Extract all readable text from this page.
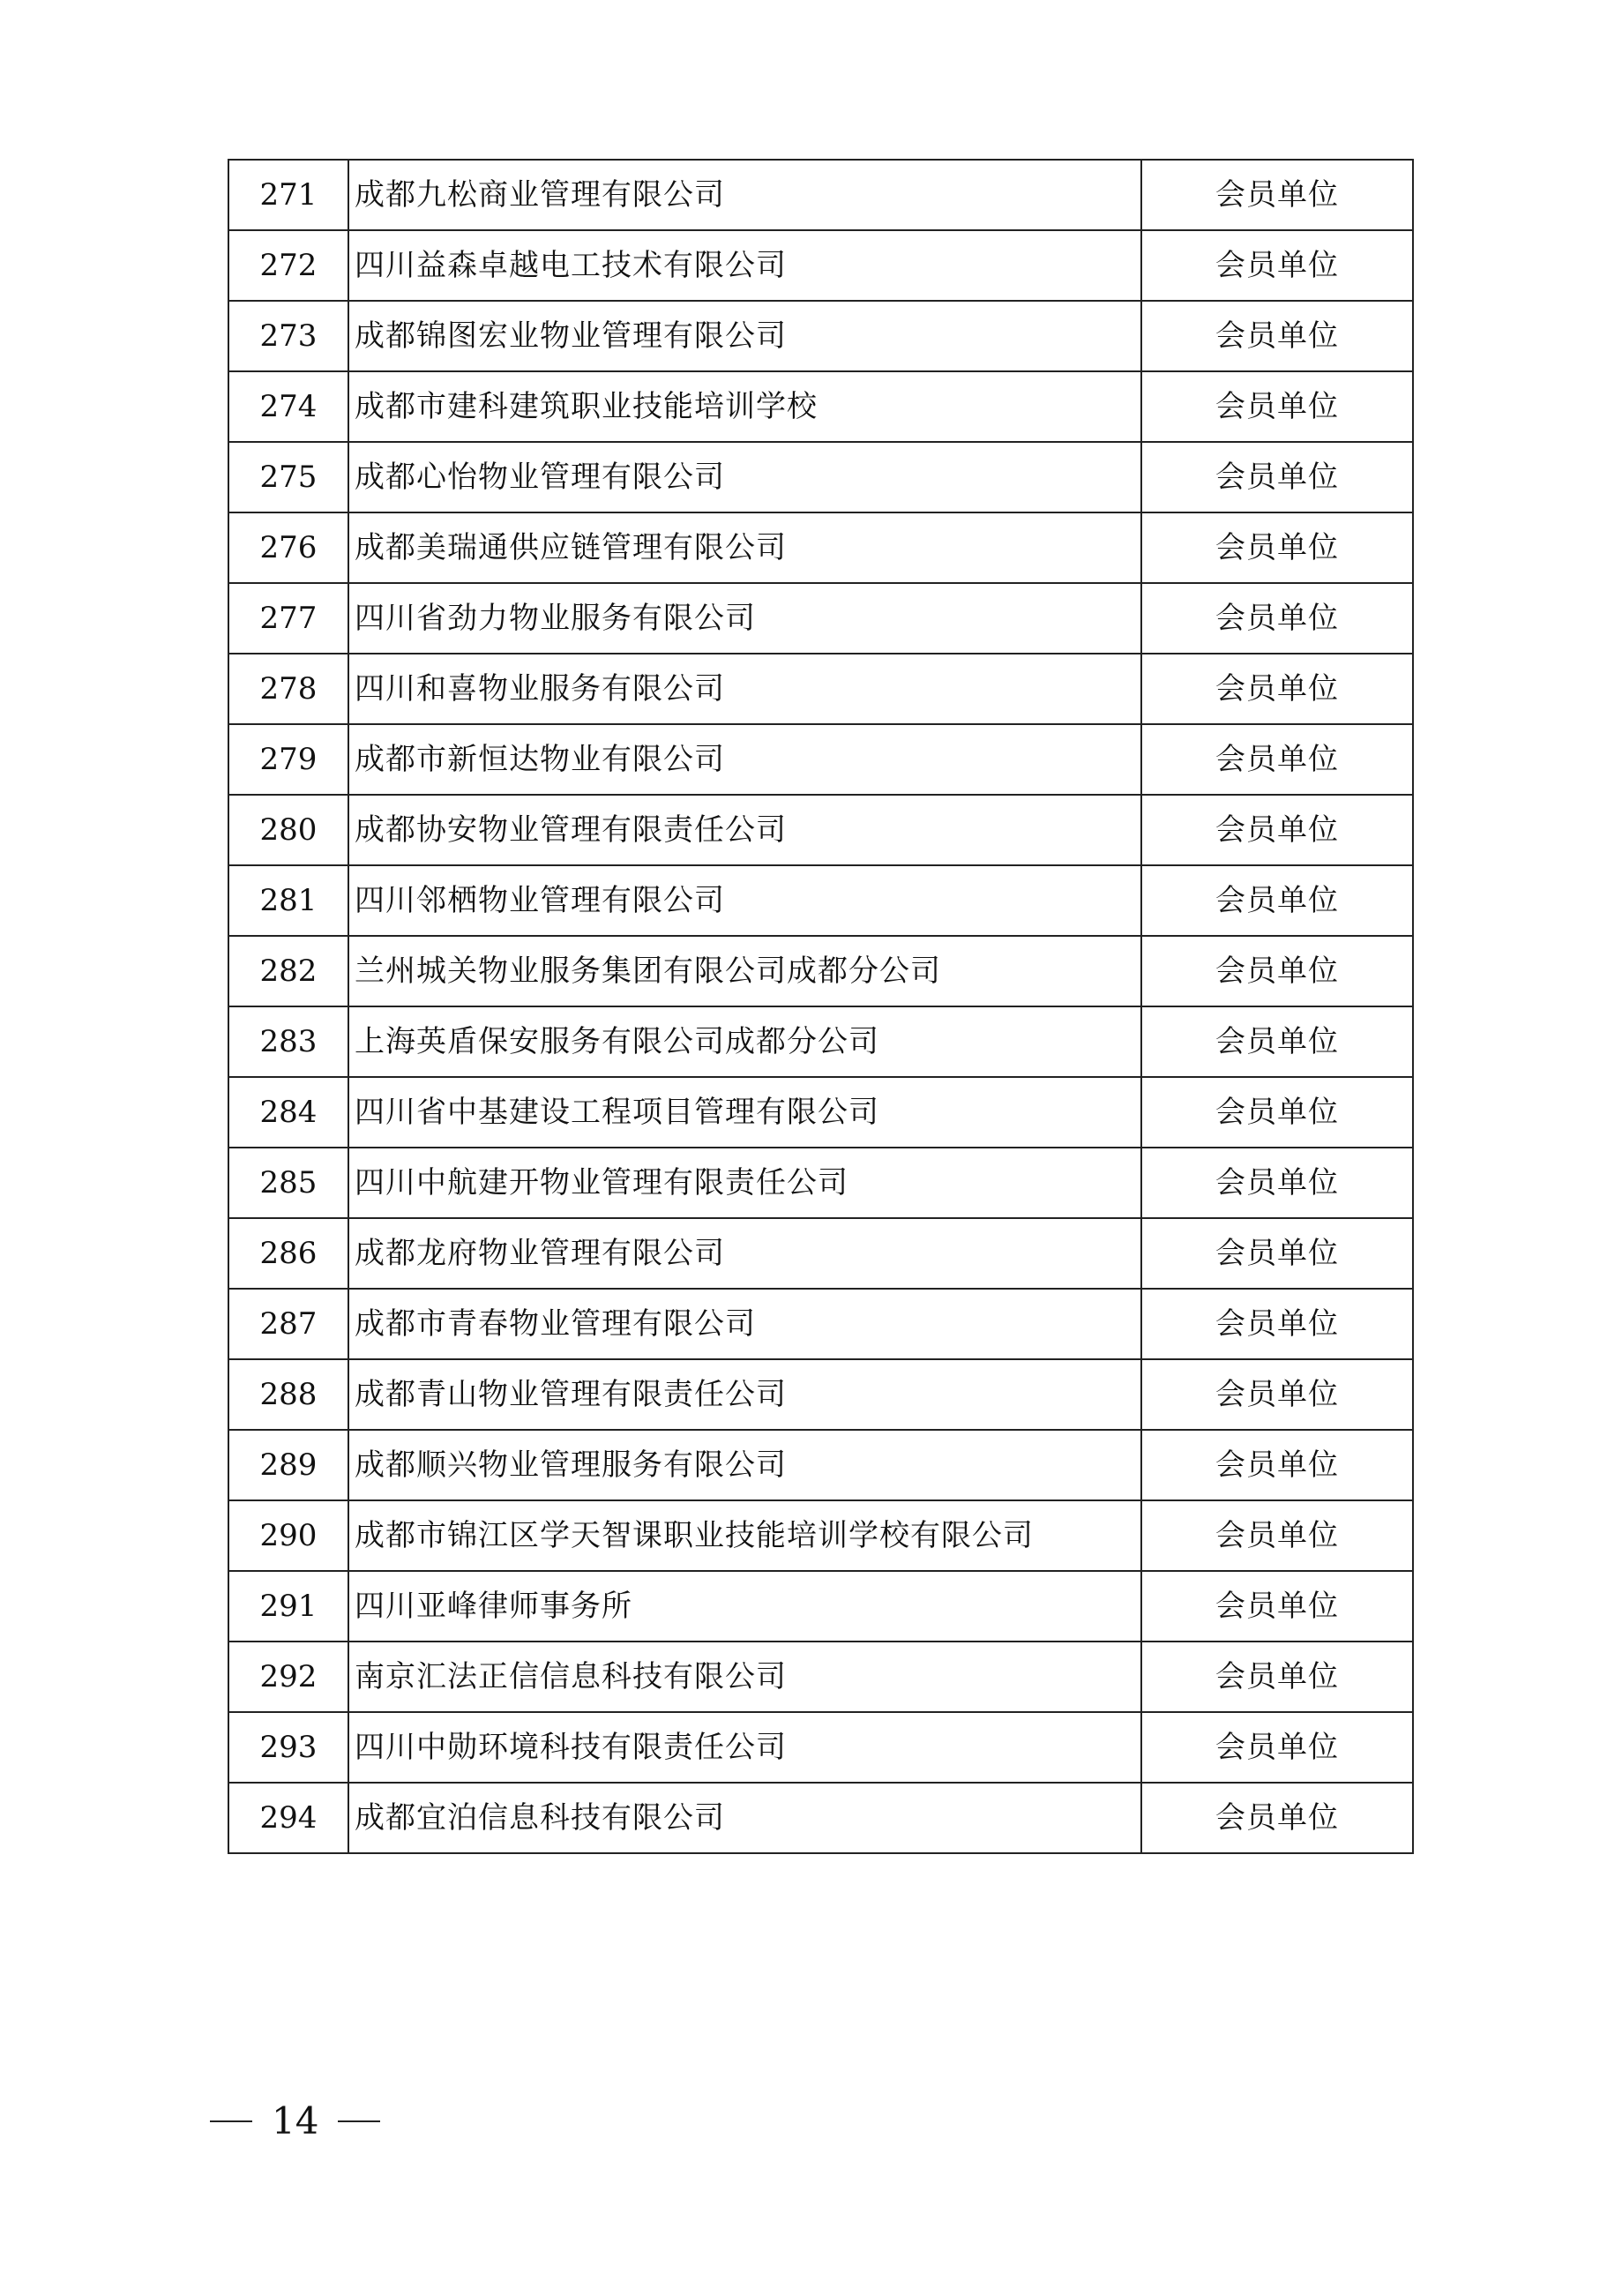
271	成都九松商业管理有限公司	会员单位
272	四川益森卓越电工技术有限公司	会员单位
273	成都锦图宏业物业管理有限公司	会员单位
274	成都市建科建筑职业技能培训学校	会员单位
275	成都心怡物业管理有限公司	会员单位
276	成都美瑞通供应链管理有限公司	会员单位
277	四川省劲力物业服务有限公司	会员单位
278	四川和喜物业服务有限公司	会员单位
279	成都市新恒达物业有限公司	会员单位
280	成都协安物业管理有限责任公司	会员单位
281	四川邻栖物业管理有限公司	会员单位
282	兰州城关物业服务集团有限公司成都分公司	会员单位
283	上海英盾保安服务有限公司成都分公司	会员单位
284	四川省中基建设工程项目管理有限公司	会员单位
285	四川中航建开物业管理有限责任公司	会员单位
286	成都龙府物业管理有限公司	会员单位
287	成都市青春物业管理有限公司	会员单位
288	成都青山物业管理有限责任公司	会员单位
289	成都顺兴物业管理服务有限公司	会员单位
290	成都市锦江区学天智课职业技能培训学校有限公司	会员单位
291	四川亚峰律师事务所	会员单位
292	南京汇法正信信息科技有限公司	会员单位
293	四川中勋环境科技有限责任公司	会员单位
294	成都宜泊信息科技有限公司	会员单位
14
